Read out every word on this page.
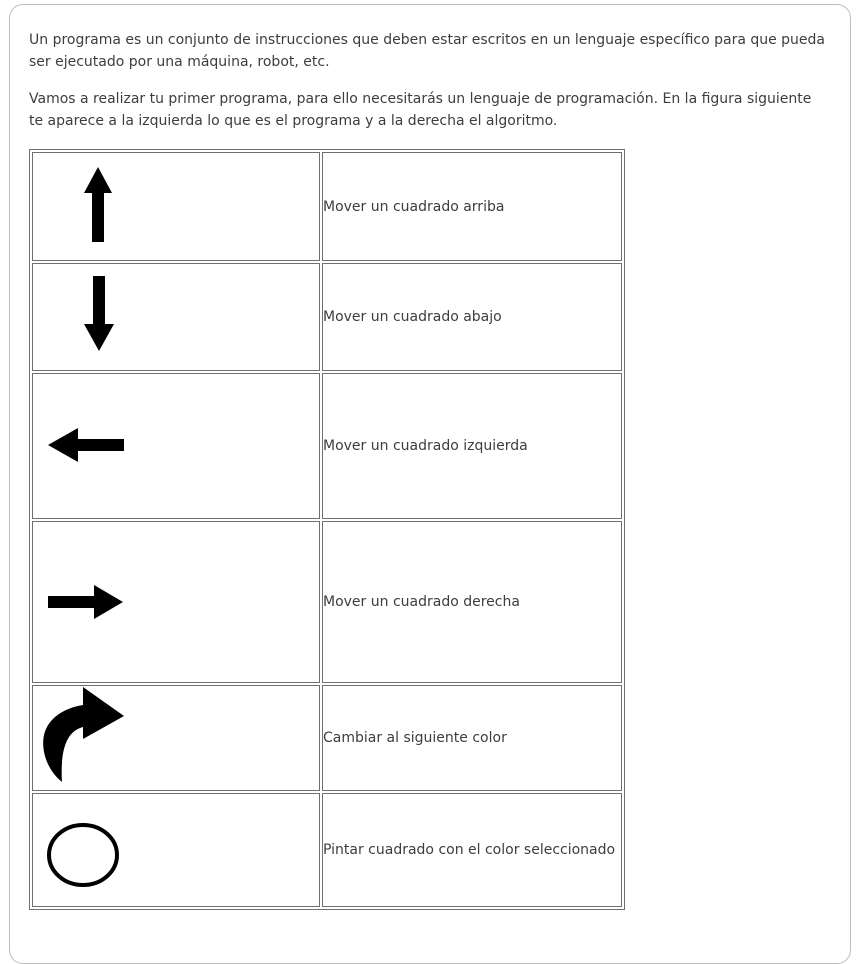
Un programa es un conjunto de instrucciones que deben estar escritos en un lenguaje específico para que pueda ser ejecutado por una máquina, robot, etc.

Vamos a realizar tu primer programa, para ello necesitarás un lenguaje de programación. En la figura siguiente te aparece a la izquierda lo que es el programa y a la derecha el algoritmo.

	Mover un cuadrado arriba

	Mover un cuadrado abajo

	Mover un cuadrado izquierda

	Mover un cuadrado derecha

	Cambiar al siguiente color

	Pintar cuadrado con el color seleccionado
